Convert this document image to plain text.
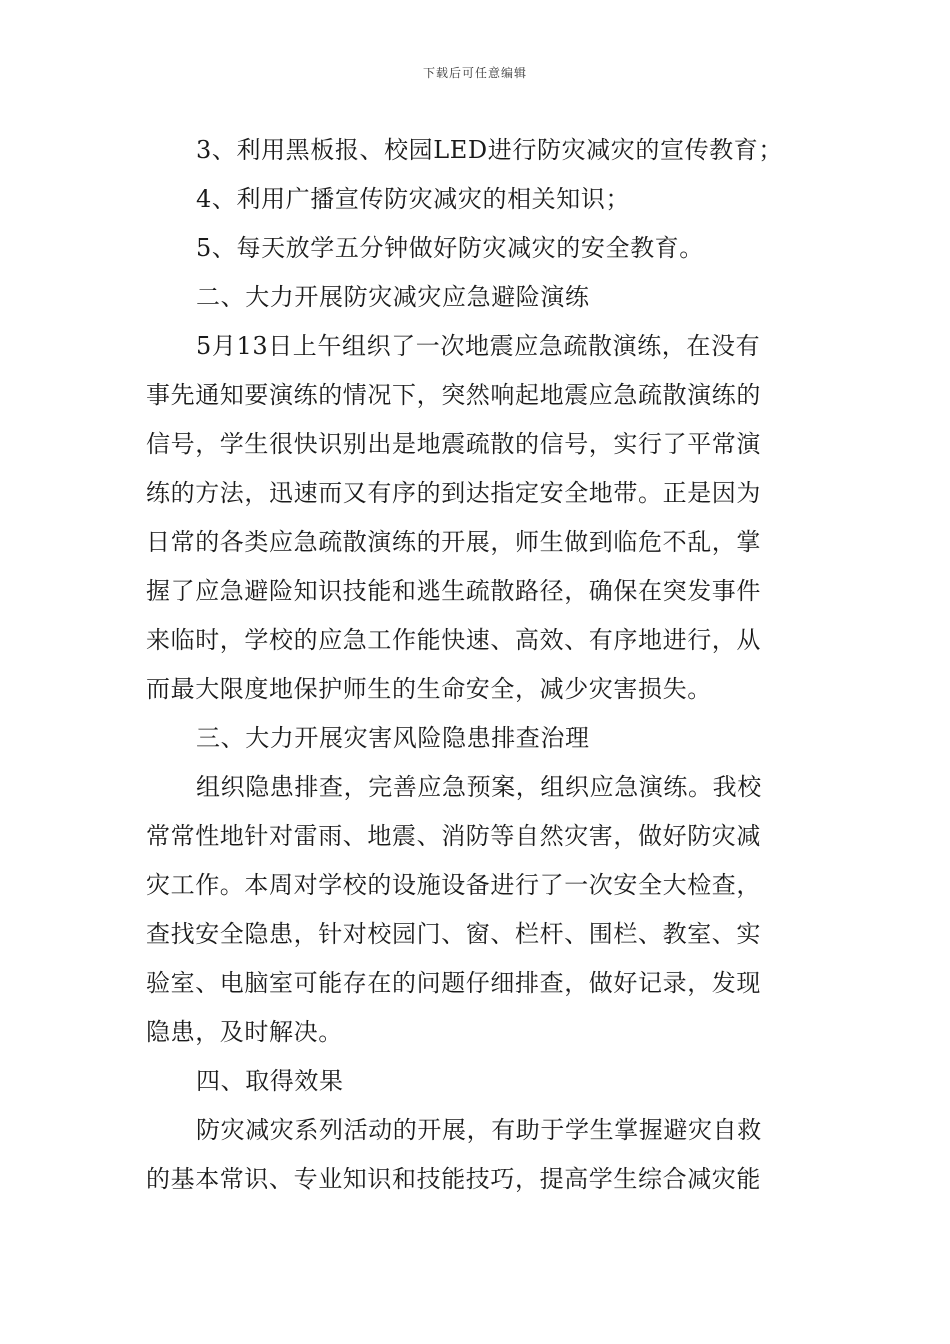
下载后可任意编辑
3、利用黑板报、校园LED进行防灾减灾的宣传教育；
4、利用广播宣传防灾减灾的相关知识；
5、每天放学五分钟做好防灾减灾的安全教育。
二、大力开展防灾减灾应急避险演练
5月13日上午组织了一次地震应急疏散演练，在没有
事先通知要演练的情况下，突然响起地震应急疏散演练的
信号，学生很快识别出是地震疏散的信号，实行了平常演
练的方法，迅速而又有序的到达指定安全地带。正是因为
日常的各类应急疏散演练的开展，师生做到临危不乱，掌
握了应急避险知识技能和逃生疏散路径，确保在突发事件
来临时，学校的应急工作能快速、高效、有序地进行，从
而最大限度地保护师生的生命安全，减少灾害损失。
三、大力开展灾害风险隐患排查治理
组织隐患排查，完善应急预案，组织应急演练。我校
常常性地针对雷雨、地震、消防等自然灾害，做好防灾减
灾工作。本周对学校的设施设备进行了一次安全大检查，
查找安全隐患，针对校园门、窗、栏杆、围栏、教室、实
验室、电脑室可能存在的问题仔细排查，做好记录，发现
隐患，及时解决。
四、取得效果
防灾减灾系列活动的开展，有助于学生掌握避灾自救
的基本常识、专业知识和技能技巧，提高学生综合减灾能
